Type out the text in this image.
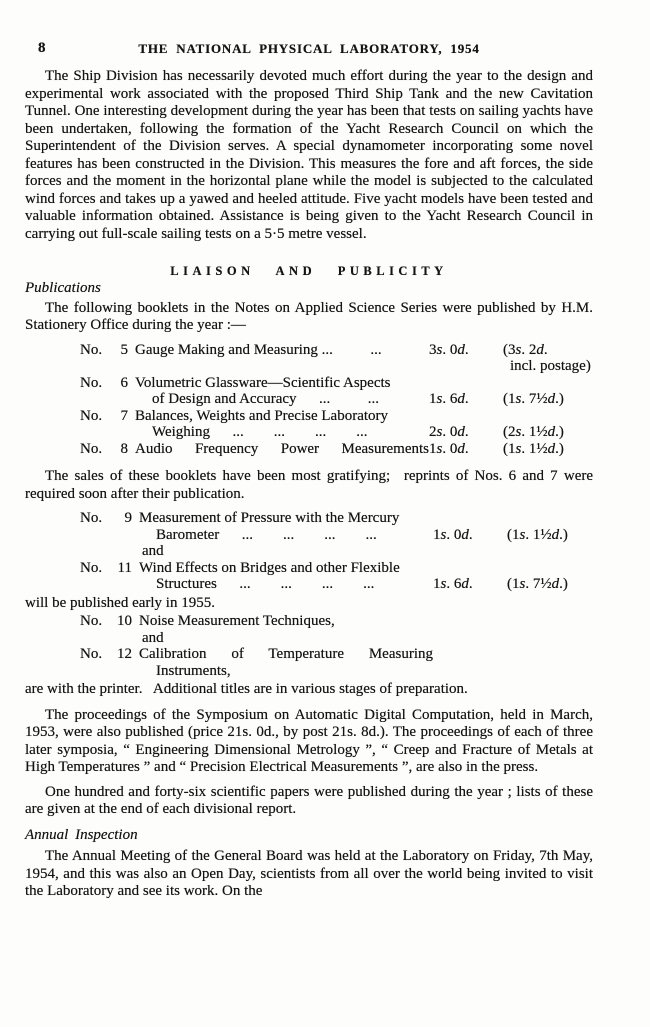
8	THE NATIONAL PHYSICAL LABORATORY, 1954

The Ship Division has necessarily devoted much effort during the year to the design and experimental work associated with the proposed Third Ship Tank and the new Cavitation Tunnel. One interesting development during the year has been that tests on sailing yachts have been undertaken, following the formation of the Yacht Research Council on which the Superintendent of the Division serves. A special dynamometer incorporating some novel features has been constructed in the Division. This measures the fore and aft forces, the side forces and the moment in the horizontal plane while the model is subjected to the calculated wind forces and takes up a yawed and heeled attitude. Five yacht models have been tested and valuable information obtained. Assistance is being given to the Yacht Research Council in carrying out full-scale sailing tests on a 5·5 metre vessel.

LIAISON AND PUBLICITY
Publications

The following booklets in the Notes on Applied Science Series were published by H.M. Stationery Office during the year :—

No. 5 Gauge Making and Measuring ...   ...	3s. 0d.	(3s. 2d.
incl. postage)
No. 6 Volumetric Glassware—Scientific Aspects
of Design and Accuracy  ...   ...	1s. 6d.	(1s. 7½d.)
No. 7 Balances, Weights and Precise Laboratory
Weighing  ...  ...  ...  ...	2s. 0d.	(2s. 1½d.)
No. 8 Audio Frequency Power Measurements 1s. 0d.	(1s. 1½d.)

The sales of these booklets have been most gratifying;  reprints of Nos. 6 and 7 were required soon after their publication.

No. 9 Measurement of Pressure with the Mercury
Barometer  ...  ...  ...  ...	1s. 0d.	(1s. 1½d.)
and
No. 11 Wind Effects on Bridges and other Flexible
Structures  ...  ...  ...  ...	1s. 6d.	(1s. 7½d.)

will be published early in 1955.

No. 10 Noise Measurement Techniques,
and
No. 12 Calibration of Temperature Measuring
Instruments,

are with the printer.  Additional titles are in various stages of preparation.

The proceedings of the Symposium on Automatic Digital Computation, held in March, 1953, were also published (price 21s. 0d., by post 21s. 8d.). The proceedings of each of three later symposia, “ Engineering Dimensional Metrology ”, “ Creep and Fracture of Metals at High Temperatures ” and “ Precision Electrical Measurements ”, are also in the press.

One hundred and forty-six scientific papers were published during the year ; lists of these are given at the end of each divisional report.

Annual Inspection

The Annual Meeting of the General Board was held at the Laboratory on Friday, 7th May, 1954, and this was also an Open Day, scientists from all over the world being invited to visit the Laboratory and see its work. On the
